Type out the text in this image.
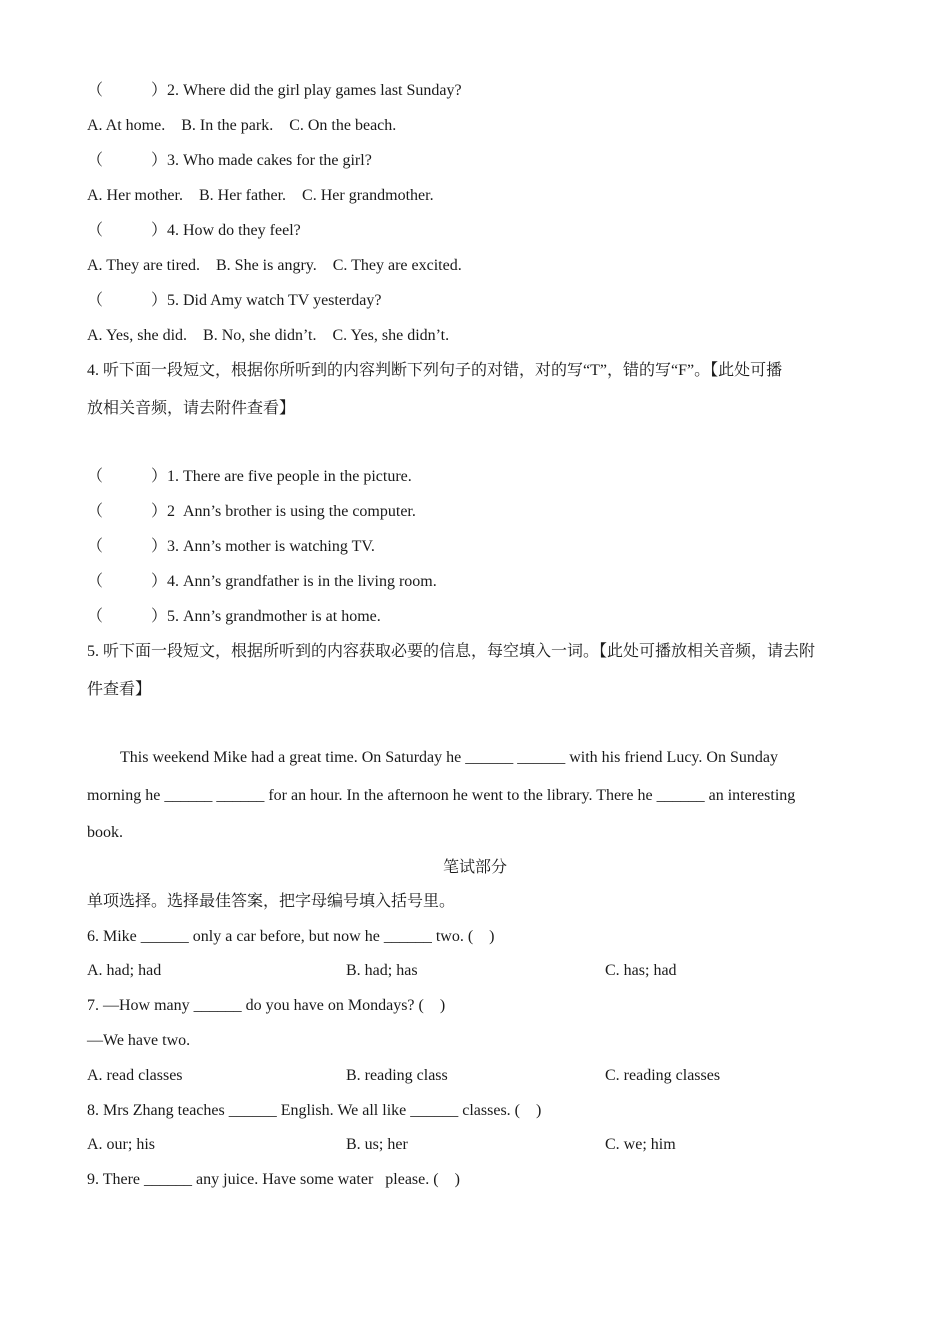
（　　　）2. Where did the girl play games last Sunday?
A. At home.    B. In the park.    C. On the beach.
（　　　）3. Who made cakes for the girl?
A. Her mother.    B. Her father.    C. Her grandmother.
（　　　）4. How do they feel?
A. They are tired.    B. She is angry.    C. They are excited.
（　　　）5. Did Amy watch TV yesterday?
A. Yes, she did.    B. No, she didn’t.    C. Yes, she didn’t.
4. 听下面一段短文，根据你所听到的内容判断下列句子的对错，对的写“T”，错的写“F”。【此处可播
放相关音频，请去附件查看】
（　　　）1. There are five people in the picture.
（　　　）2  Ann’s brother is using the computer.
（　　　）3. Ann’s mother is watching TV.
（　　　）4. Ann’s grandfather is in the living room.
（　　　）5. Ann’s grandmother is at home.
5. 听下面一段短文，根据所听到的内容获取必要的信息，每空填入一词。【此处可播放相关音频，请去附
件查看】
This weekend Mike had a great time. On Saturday he ______ ______ with his friend Lucy. On Sunday
morning he ______ ______ for an hour. In the afternoon he went to the library. There he ______ an interesting
book.
笔试部分
单项选择。选择最佳答案，把字母编号填入括号里。
6. Mike ______ only a car before, but now he ______ two. (    )
A. had; had	B. had; has	C. has; had
7. —How many ______ do you have on Mondays? (    )
—We have two.
A. read classes	B. reading class	C. reading classes
8. Mrs Zhang teaches ______ English. We all like ______ classes. (    )
A. our; his	B. us; her	C. we; him
9. There ______ any juice. Have some water   please. (    )
